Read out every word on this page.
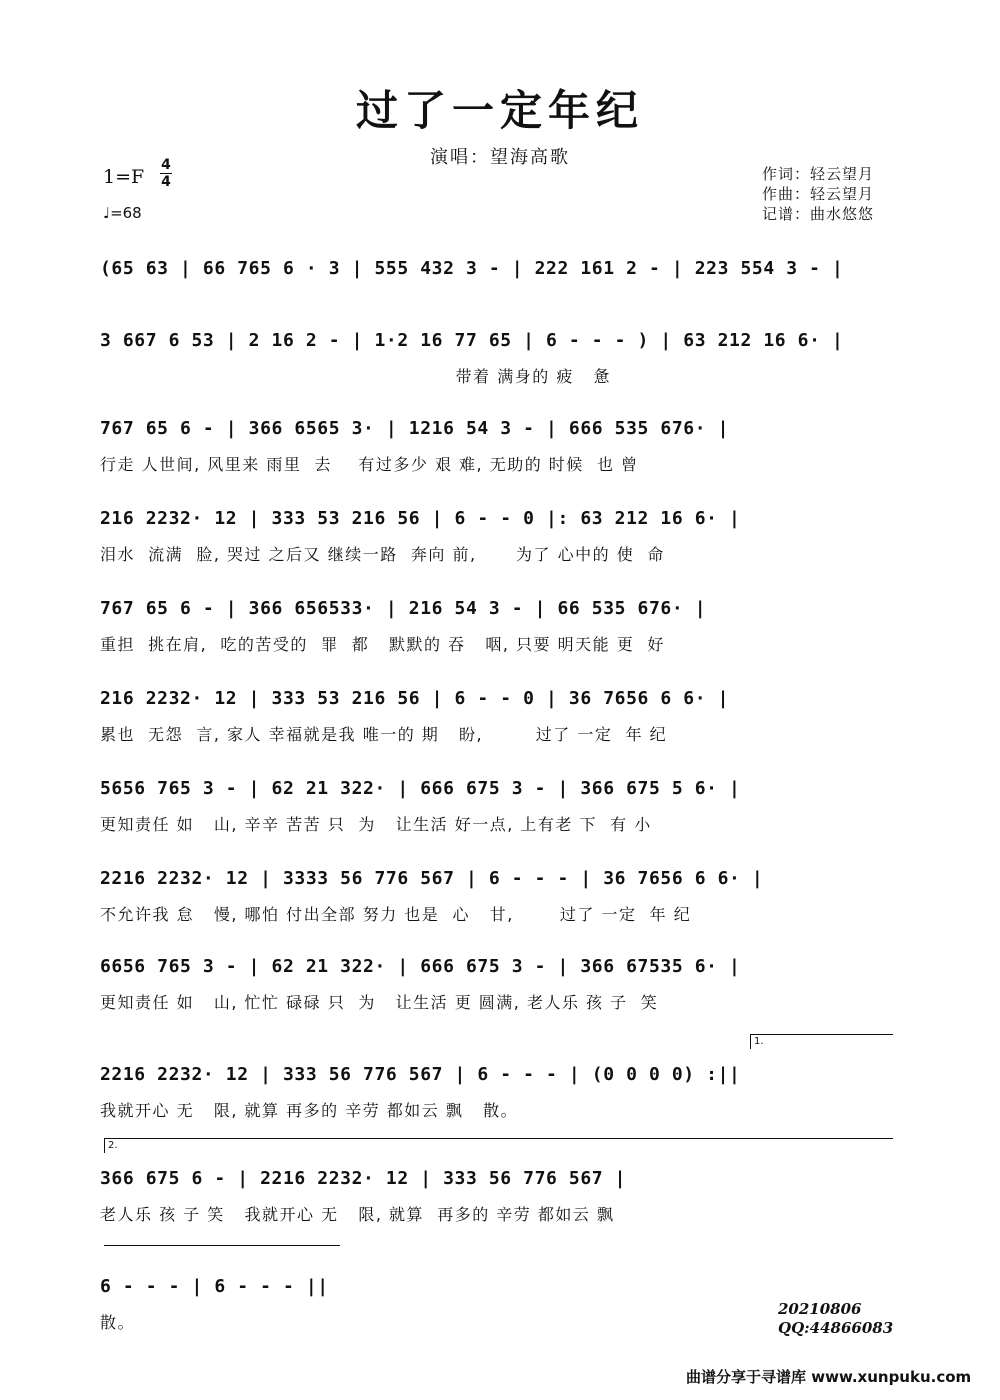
过了一定年纪
演唱：望海高歌
1=F
4
4
♩=68
作词：轻云望月
作曲：轻云望月
记谱：曲水悠悠
(65 63 | 66 765 6 · 3 | 555 432 3 - | 222 161 2 - | 223 554 3 - |
3 667 6 53 | 2 16 2 - | 1·2 16 77 65 | 6 - - - ) | 63 212 16 6· |
带着 满身的 疲   惫
767 65 6 - | 366 6565 3· | 1216 54 3 - | 666 535 676· |
行走 人世间, 风里来 雨里  去    有过多少 艰 难, 无助的 时候  也 曾
216 2232· 12 | 333 53 216 56 | 6 - - 0 |: 63 212 16 6· |
泪水  流满  脸, 哭过 之后又 继续一路  奔向 前,      为了 心中的 使  命
767 65 6 - | 366 656533· | 216 54 3 - | 66 535 676· |
重担  挑在肩,  吃的苦受的  罪  都   默默的 吞   咽, 只要 明天能 更  好
216 2232· 12 | 333 53 216 56 | 6 - - 0 | 36 7656 6 6· |
累也  无怨  言, 家人 幸福就是我 唯一的 期   盼,        过了 一定  年 纪
5656 765 3 - | 62 21 322· | 666 675 3 - | 366 675 5 6· |
更知责任 如   山, 辛辛 苦苦 只  为   让生活 好一点, 上有老 下  有 小
2216 2232· 12 | 3333 56 776 567 | 6 - - - | 36 7656 6 6· |
不允许我 怠   慢, 哪怕 付出全部 努力 也是  心   甘,       过了 一定  年 纪
6656 765 3 - | 62 21 322· | 666 675 3 - | 366 67535 6· |
更知责任 如   山, 忙忙 碌碌 只  为   让生活 更 圆满, 老人乐 孩 子  笑
1.
2216 2232· 12 | 333 56 776 567 | 6 - - - | (0 0 0 0) :||
我就开心 无   限, 就算 再多的 辛劳 都如云 飘   散。
2.
366 675 6 - | 2216 2232· 12 | 333 56 776 567 |
老人乐 孩 子 笑   我就开心 无   限, 就算  再多的 辛劳 都如云 飘
6 - - - | 6 - - - ||
散。
20210806
QQ:44866083
曲谱分享于寻谱库 www.xunpuku.com
